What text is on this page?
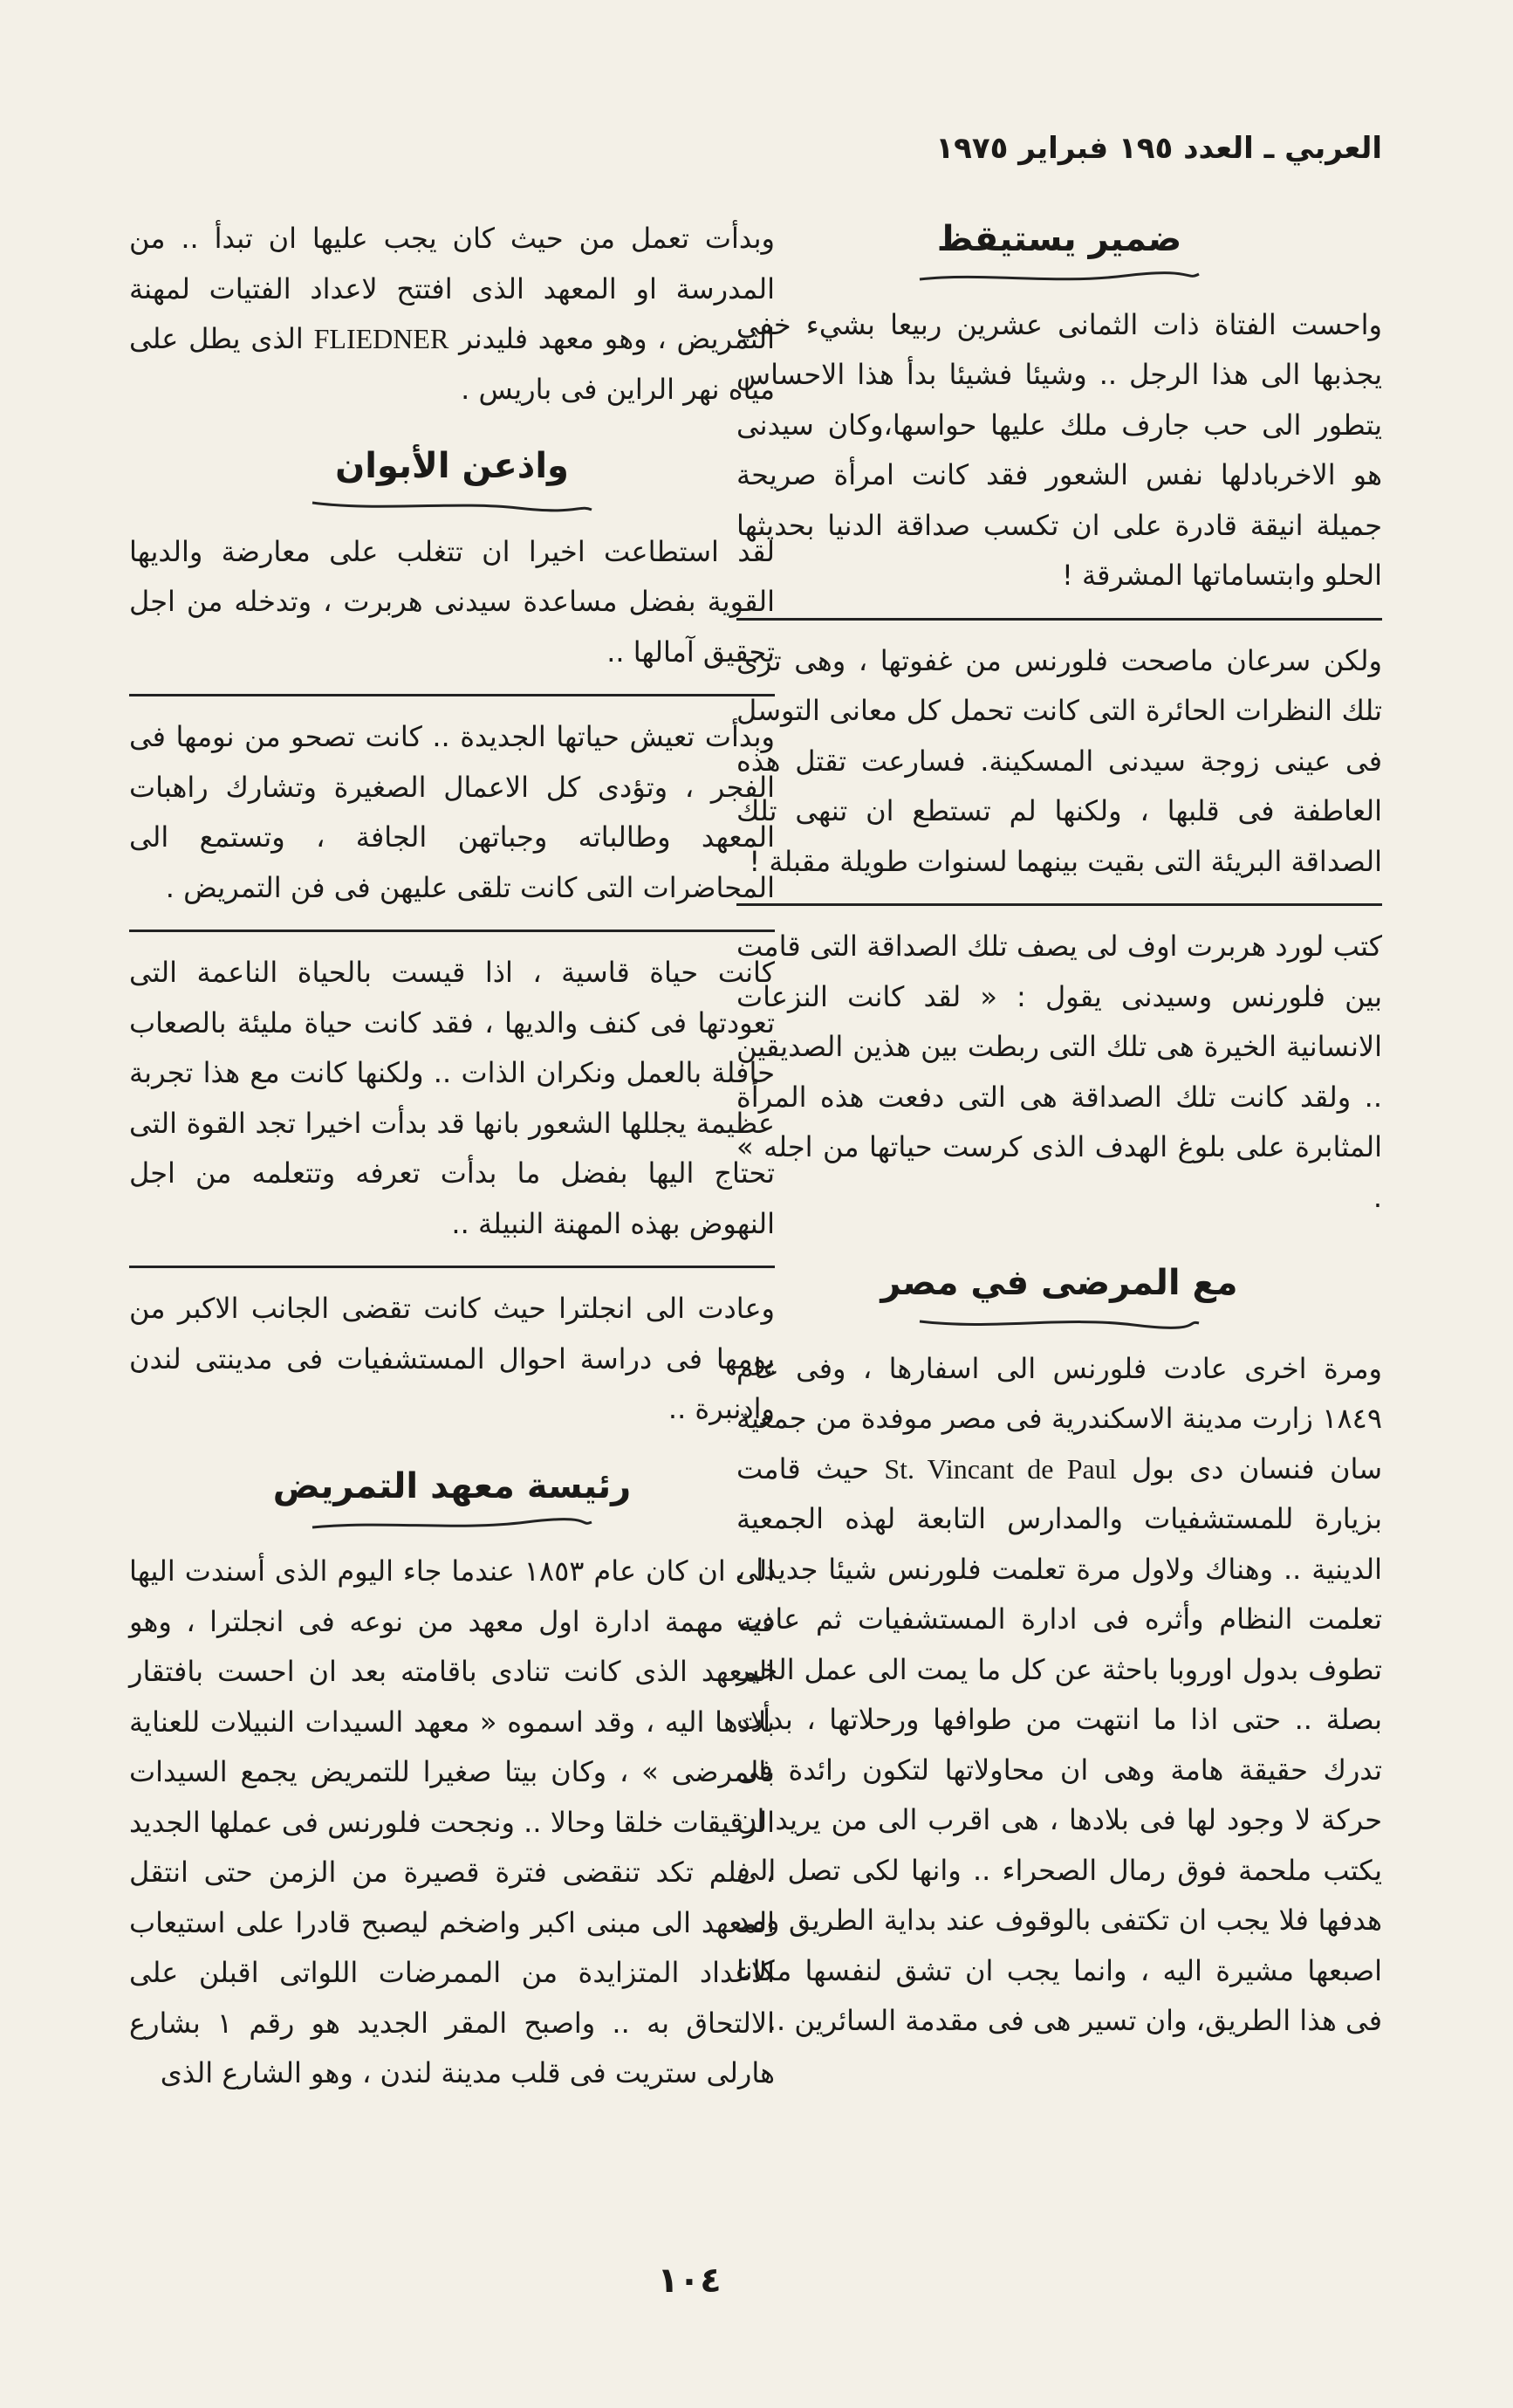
العربي ـ العدد ١٩٥ فبراير ١٩٧٥
ضمير يستيقظ

واحست الفتاة ذات الثمانى عشرين ربيعا بشيء خفي يجذبها الى هذا الرجل .. وشيئا فشيئا بدأ هذا الاحساس يتطور الى حب جارف ملك عليها حواسها،وكان سيدنى هو الاخربادلها نفس الشعور فقد كانت امرأة صريحة جميلة انيقة قادرة على ان تكسب صداقة الدنيا بحديثها الحلو وابتساماتها المشرقة !

ولكن سرعان ماصحت فلورنس من غفوتها ، وهى ترى تلك النظرات الحائرة التى كانت تحمل كل معانى التوسل فى عينى زوجة سيدنى المسكينة. فسارعت تقتل هذه العاطفة فى قلبها ، ولكنها لم تستطع ان تنهى تلك الصداقة البريئة التى بقيت بينهما لسنوات طويلة مقبلة !

كتب لورد هربرت اوف لى يصف تلك الصداقة التى قامت بين فلورنس وسيدنى يقول : « لقد كانت النزعات الانسانية الخيرة هى تلك التى ربطت بين هذين الصديقين .. ولقد كانت تلك الصداقة هى التى دفعت هذه المرأة المثابرة على بلوغ الهدف الذى كرست حياتها من اجله » .

مع المرضى في مصر

ومرة اخرى عادت فلورنس الى اسفارها ، وفى عام ١٨٤٩ زارت مدينة الاسكندرية فى مصر موفدة من جمعية سان فنسان دى بول St. Vincant de Paul حيث قامت بزيارة للمستشفيات والمدارس التابعة لهذه الجمعية الدينية .. وهناك ولاول مرة تعلمت فلورنس شيئا جديدا ، تعلمت النظام وأثره فى ادارة المستشفيات ثم عادت تطوف بدول اوروبا باحثة عن كل ما يمت الى عمل الخير بصلة .. حتى اذا ما انتهت من طوافها ورحلاتها ، بدأت تدرك حقيقة هامة وهى ان محاولاتها لتكون رائدة فى حركة لا وجود لها فى بلادها ، هى اقرب الى من يريد ان يكتب ملحمة فوق رمال الصحراء .. وانها لكى تصل الى هدفها فلا يجب ان تكتفى بالوقوف عند بداية الطريق ومد اصبعها مشيرة اليه ، وانما يجب ان تشق لنفسها مكانا فى هذا الطريق، وان تسير هى فى مقدمة السائرين ..

وبدأت تعمل من حيث كان يجب عليها ان تبدأ .. من المدرسة او المعهد الذى افتتح لاعداد الفتيات لمهنة التمريض ، وهو معهد فليدنر FLIEDNER الذى يطل على مياه نهر الراين فى باريس .

واذعن الأبوان

لقد استطاعت اخيرا ان تتغلب على معارضة والديها القوية بفضل مساعدة سيدنى هربرت ، وتدخله من اجل تحقيق آمالها ..

وبدأت تعيش حياتها الجديدة .. كانت تصحو من نومها فى الفجر ، وتؤدى كل الاعمال الصغيرة وتشارك راهبات المعهد وطالباته وجباتهن الجافة ، وتستمع الى المحاضرات التى كانت تلقى عليهن فى فن التمريض .

كانت حياة قاسية ، اذا قيست بالحياة الناعمة التى تعودتها فى كنف والديها ، فقد كانت حياة مليئة بالصعاب حافلة بالعمل ونكران الذات .. ولكنها كانت مع هذا تجربة عظيمة يجللها الشعور بانها قد بدأت اخيرا تجد القوة التى تحتاج اليها بفضل ما بدأت تعرفه وتتعلمه من اجل النهوض بهذه المهنة النبيلة ..

وعادت الى انجلترا حيث كانت تقضى الجانب الاكبر من يومها فى دراسة احوال المستشفيات فى مدينتى لندن وادنبرة ..

رئيسة معهد التمريض

الى ان كان عام ١٨٥٣ عندما جاء اليوم الذى أسندت اليها فيه مهمة ادارة اول معهد من نوعه فى انجلترا ، وهو المعهد الذى كانت تنادى باقامته بعد ان احست بافتقار بلادها اليه ، وقد اسموه « معهد السيدات النبيلات للعناية بالمرضى » ، وكان بيتا صغيرا للتمريض يجمع السيدات الرقيقات خلقا وحالا .. ونجحت فلورنس فى عملها الجديد ، فلم تكد تنقضى فترة قصيرة من الزمن حتى انتقل المعهد الى مبنى اكبر واضخم ليصبح قادرا على استيعاب الاعداد المتزايدة من الممرضات اللواتى اقبلن على الالتحاق به .. واصبح المقر الجديد هو رقم ١ بشارع هارلى ستريت فى قلب مدينة لندن ، وهو الشارع الذى

١٠٤
